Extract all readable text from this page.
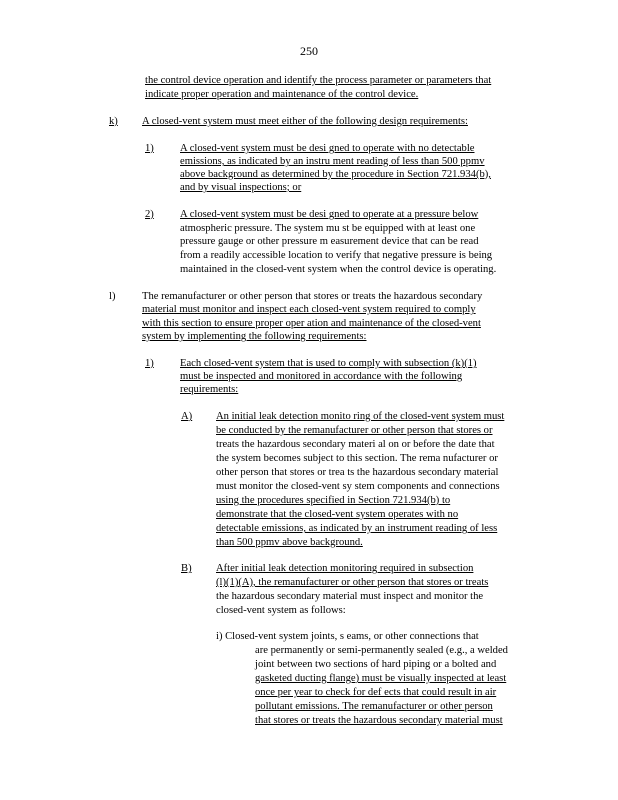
250
the control device operation and identify the process parameter or parameters that
indicate proper operation and maintenance of the control device.
k) A closed-vent system must meet either of the following design requirements:
1) A closed-vent system must be desi gned to operate with no detectable
emissions, as indicated by an instru ment reading of less than 500 ppmv
above background as determined by the procedure in Section 721.934(b),
and by visual inspections; or
2) A closed-vent system must be desi gned to operate at a pressure below
atmospheric pressure. The system mu st be equipped with at least one
pressure gauge or other pressure m easurement device that can be read
from a readily accessible location to verify that negative pressure is being
maintained in the closed-vent system when the control device is operating.
l)	The remanufacturer or other person that stores or treats the hazardous secondary
material must monitor and inspect each closed-vent system required to comply
with this section to ensure proper oper ation and maintenance of the closed-vent
system by implementing the following requirements:
1) Each closed-vent system that is used to comply with subsection (k)(1)
must be inspected and monitored in accordance with the following
requirements:
A) An initial leak detection monito ring of the closed-vent system must
be conducted by the remanufacturer or other person that stores or
treats the hazardous secondary materi al on or before the date that
the system becomes subject to this section. The rema nufacturer or
other person that stores or trea ts the hazardous secondary material
must monitor the closed-vent sy stem components and connections
using the procedures specified in Section 721.934(b) to
demonstrate that the closed-vent system operates with no
detectable emissions, as indicated by an instrument reading of less
than 500 ppmv above background.
B) After initial leak detection monitoring required in subsection
(l)(1)(A), the remanufacturer or other person that stores or treats
the hazardous secondary material must inspect and monitor the
closed-vent system as follows:
i) Closed-vent system joints, s eams, or other connections that
are permanently or semi-permanently sealed (e.g., a welded
joint between two sections of hard piping or a bolted and
gasketed ducting flange) must be visually inspected at least
once per year to check for def ects that could result in air
pollutant emissions. The remanufacturer or other person
that stores or treats the hazardous secondary material must
